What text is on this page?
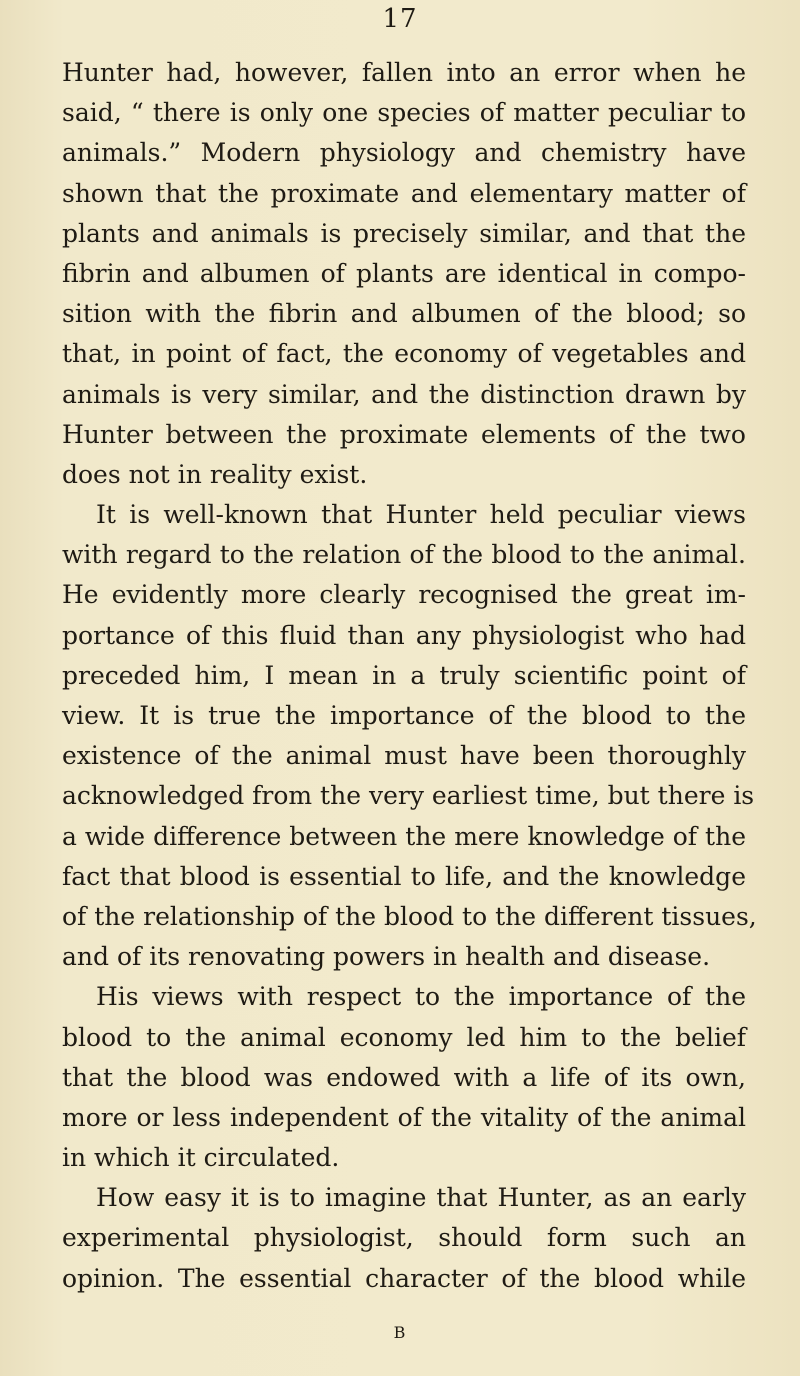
17
Hunter had, however, fallen into an error when he
said, “ there is only one species of matter peculiar to
animals.” Modern physiology and chemistry have
shown that the proximate and elementary matter of
plants and animals is precisely similar, and that the
fibrin and albumen of plants are identical in compo-
sition with the fibrin and albumen of the blood; so
that, in point of fact, the economy of vegetables and
animals is very similar, and the distinction drawn by
Hunter between the proximate elements of the two
does not in reality exist.
It is well-known that Hunter held peculiar views
with regard to the relation of the blood to the animal.
He evidently more clearly recognised the great im-
portance of this fluid than any physiologist who had
preceded him, I mean in a truly scientific point of
view. It is true the importance of the blood to the
existence of the animal must have been thoroughly
acknowledged from the very earliest time, but there is
a wide difference between the mere knowledge of the
fact that blood is essential to life, and the knowledge
of the relationship of the blood to the different tissues,
and of its renovating powers in health and disease.
His views with respect to the importance of the
blood to the animal economy led him to the belief
that the blood was endowed with a life of its own,
more or less independent of the vitality of the animal
in which it circulated.
How easy it is to imagine that Hunter, as an early
experimental physiologist, should form such an
opinion. The essential character of the blood while
B
